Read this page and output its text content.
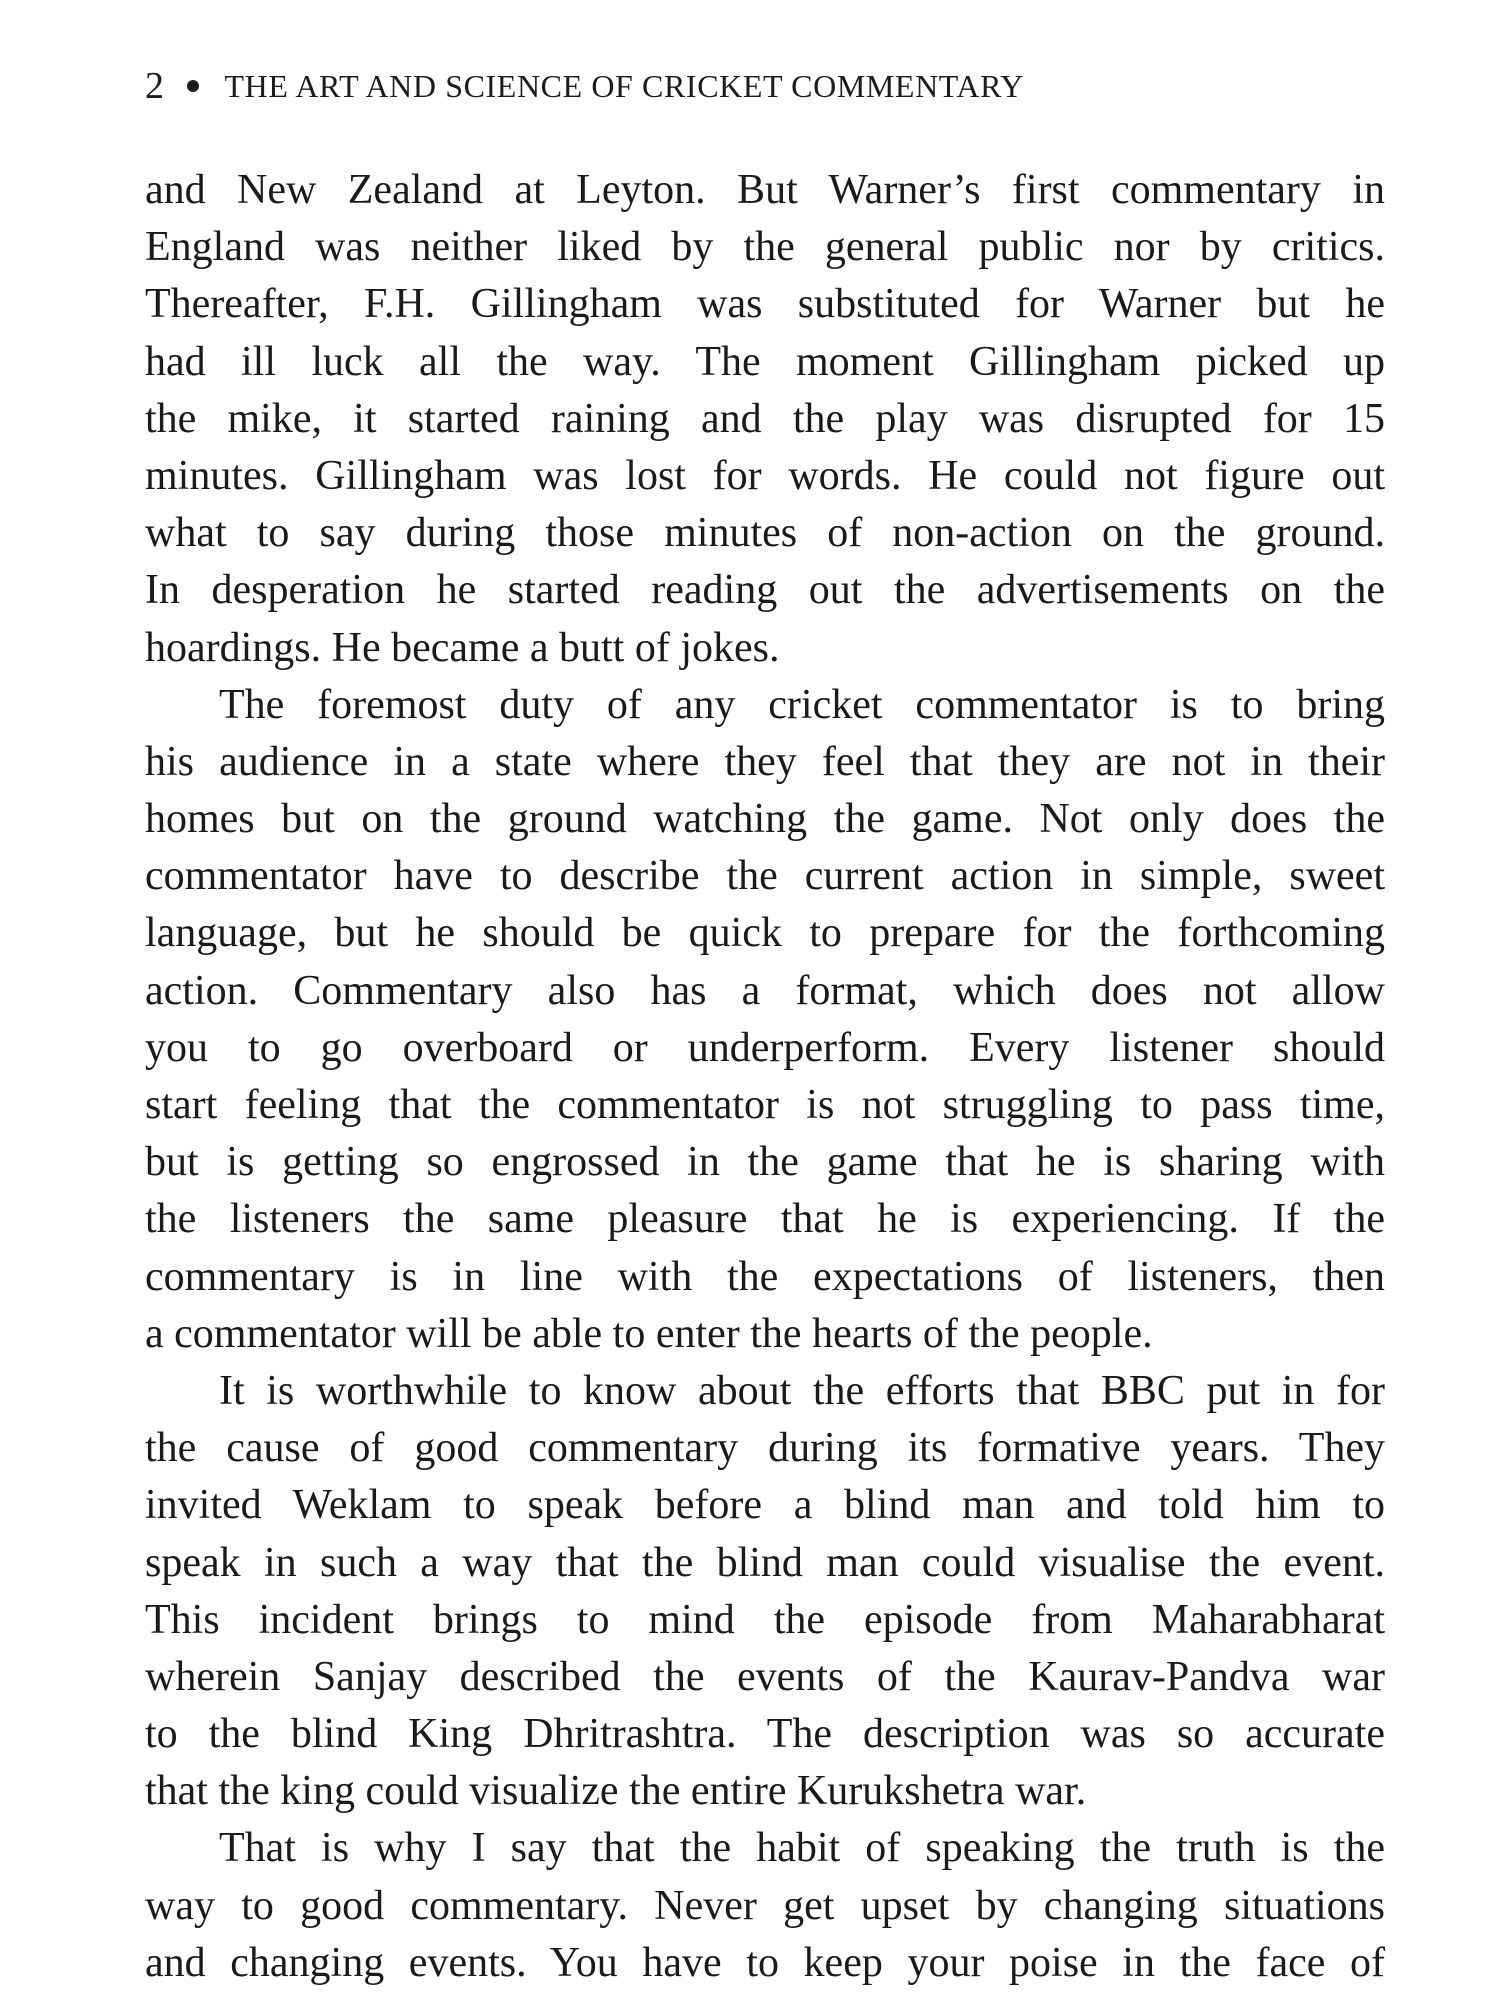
2 THE ART AND SCIENCE OF CRICKET COMMENTARY
and New Zealand at Leyton. But Warner’s first commentary in
England was neither liked by the general public nor by critics.
Thereafter, F.H. Gillingham was substituted for Warner but he
had ill luck all the way. The moment Gillingham picked up
the mike, it started raining and the play was disrupted for 15
minutes. Gillingham was lost for words. He could not figure out
what to say during those minutes of non-action on the ground.
In desperation he started reading out the advertisements on the
hoardings. He became a butt of jokes.
The foremost duty of any cricket commentator is to bring
his audience in a state where they feel that they are not in their
homes but on the ground watching the game. Not only does the
commentator have to describe the current action in simple, sweet
language, but he should be quick to prepare for the forthcoming
action. Commentary also has a format, which does not allow
you to go overboard or underperform. Every listener should
start feeling that the commentator is not struggling to pass time,
but is getting so engrossed in the game that he is sharing with
the listeners the same pleasure that he is experiencing. If the
commentary is in line with the expectations of listeners, then
a commentator will be able to enter the hearts of the people.
It is worthwhile to know about the efforts that BBC put in for
the cause of good commentary during its formative years. They
invited Weklam to speak before a blind man and told him to
speak in such a way that the blind man could visualise the event.
This incident brings to mind the episode from Maharabharat
wherein Sanjay described the events of the Kaurav-Pandva war
to the blind King Dhritrashtra. The description was so accurate
that the king could visualize the entire Kurukshetra war.
That is why I say that the habit of speaking the truth is the
way to good commentary. Never get upset by changing situations
and changing events. You have to keep your poise in the face of
